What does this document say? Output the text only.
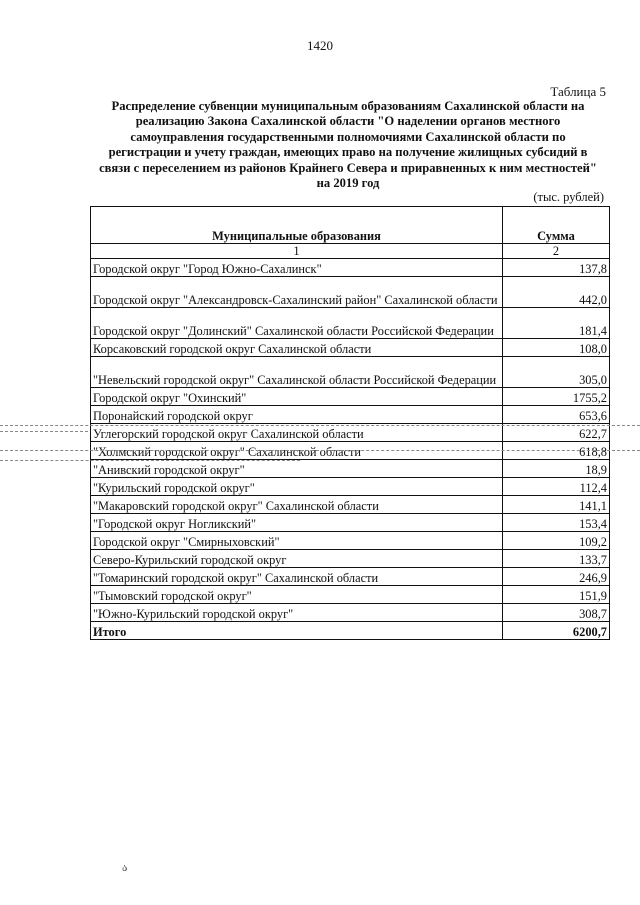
1420
Таблица 5
Распределение субвенции муниципальным образованиям Сахалинской области на
реализацию Закона Сахалинской области "О наделении органов местного
самоуправления государственными полномочиями Сахалинской области по
регистрации и учету граждан, имеющих право на получение жилищных субсидий в
связи с переселением из районов Крайнего Севера и приравненных к ним местностей"
на 2019 год
(тыс. рублей)
Муниципальные образования	Сумма
1	2
Городской округ "Город Южно-Сахалинск"	137,8
Городской округ "Александровск-Сахалинский район" Сахалинской области	442,0
Городской округ "Долинский" Сахалинской области Российской Федерации	181,4
Корсаковский городской округ Сахалинской области	108,0
"Невельский городской округ" Сахалинской области Российской Федерации	305,0
Городской округ "Охинский"	1755,2
Поронайский городской округ	653,6
Углегорский городской округ Сахалинской области	622,7
"Холмский городской округ" Сахалинской области	618,8
"Анивский городской округ"	18,9
"Курильский городской округ"	112,4
"Макаровский городской округ" Сахалинской области	141,1
"Городской округ Ногликский"	153,4
Городской округ "Смирныховский"	109,2
Северо-Курильский городской округ	133,7
"Томаринский городской округ" Сахалинской области	246,9
"Тымовский городской округ"	151,9
"Южно-Курильский городской округ"	308,7
Итого	6200,7
ა
